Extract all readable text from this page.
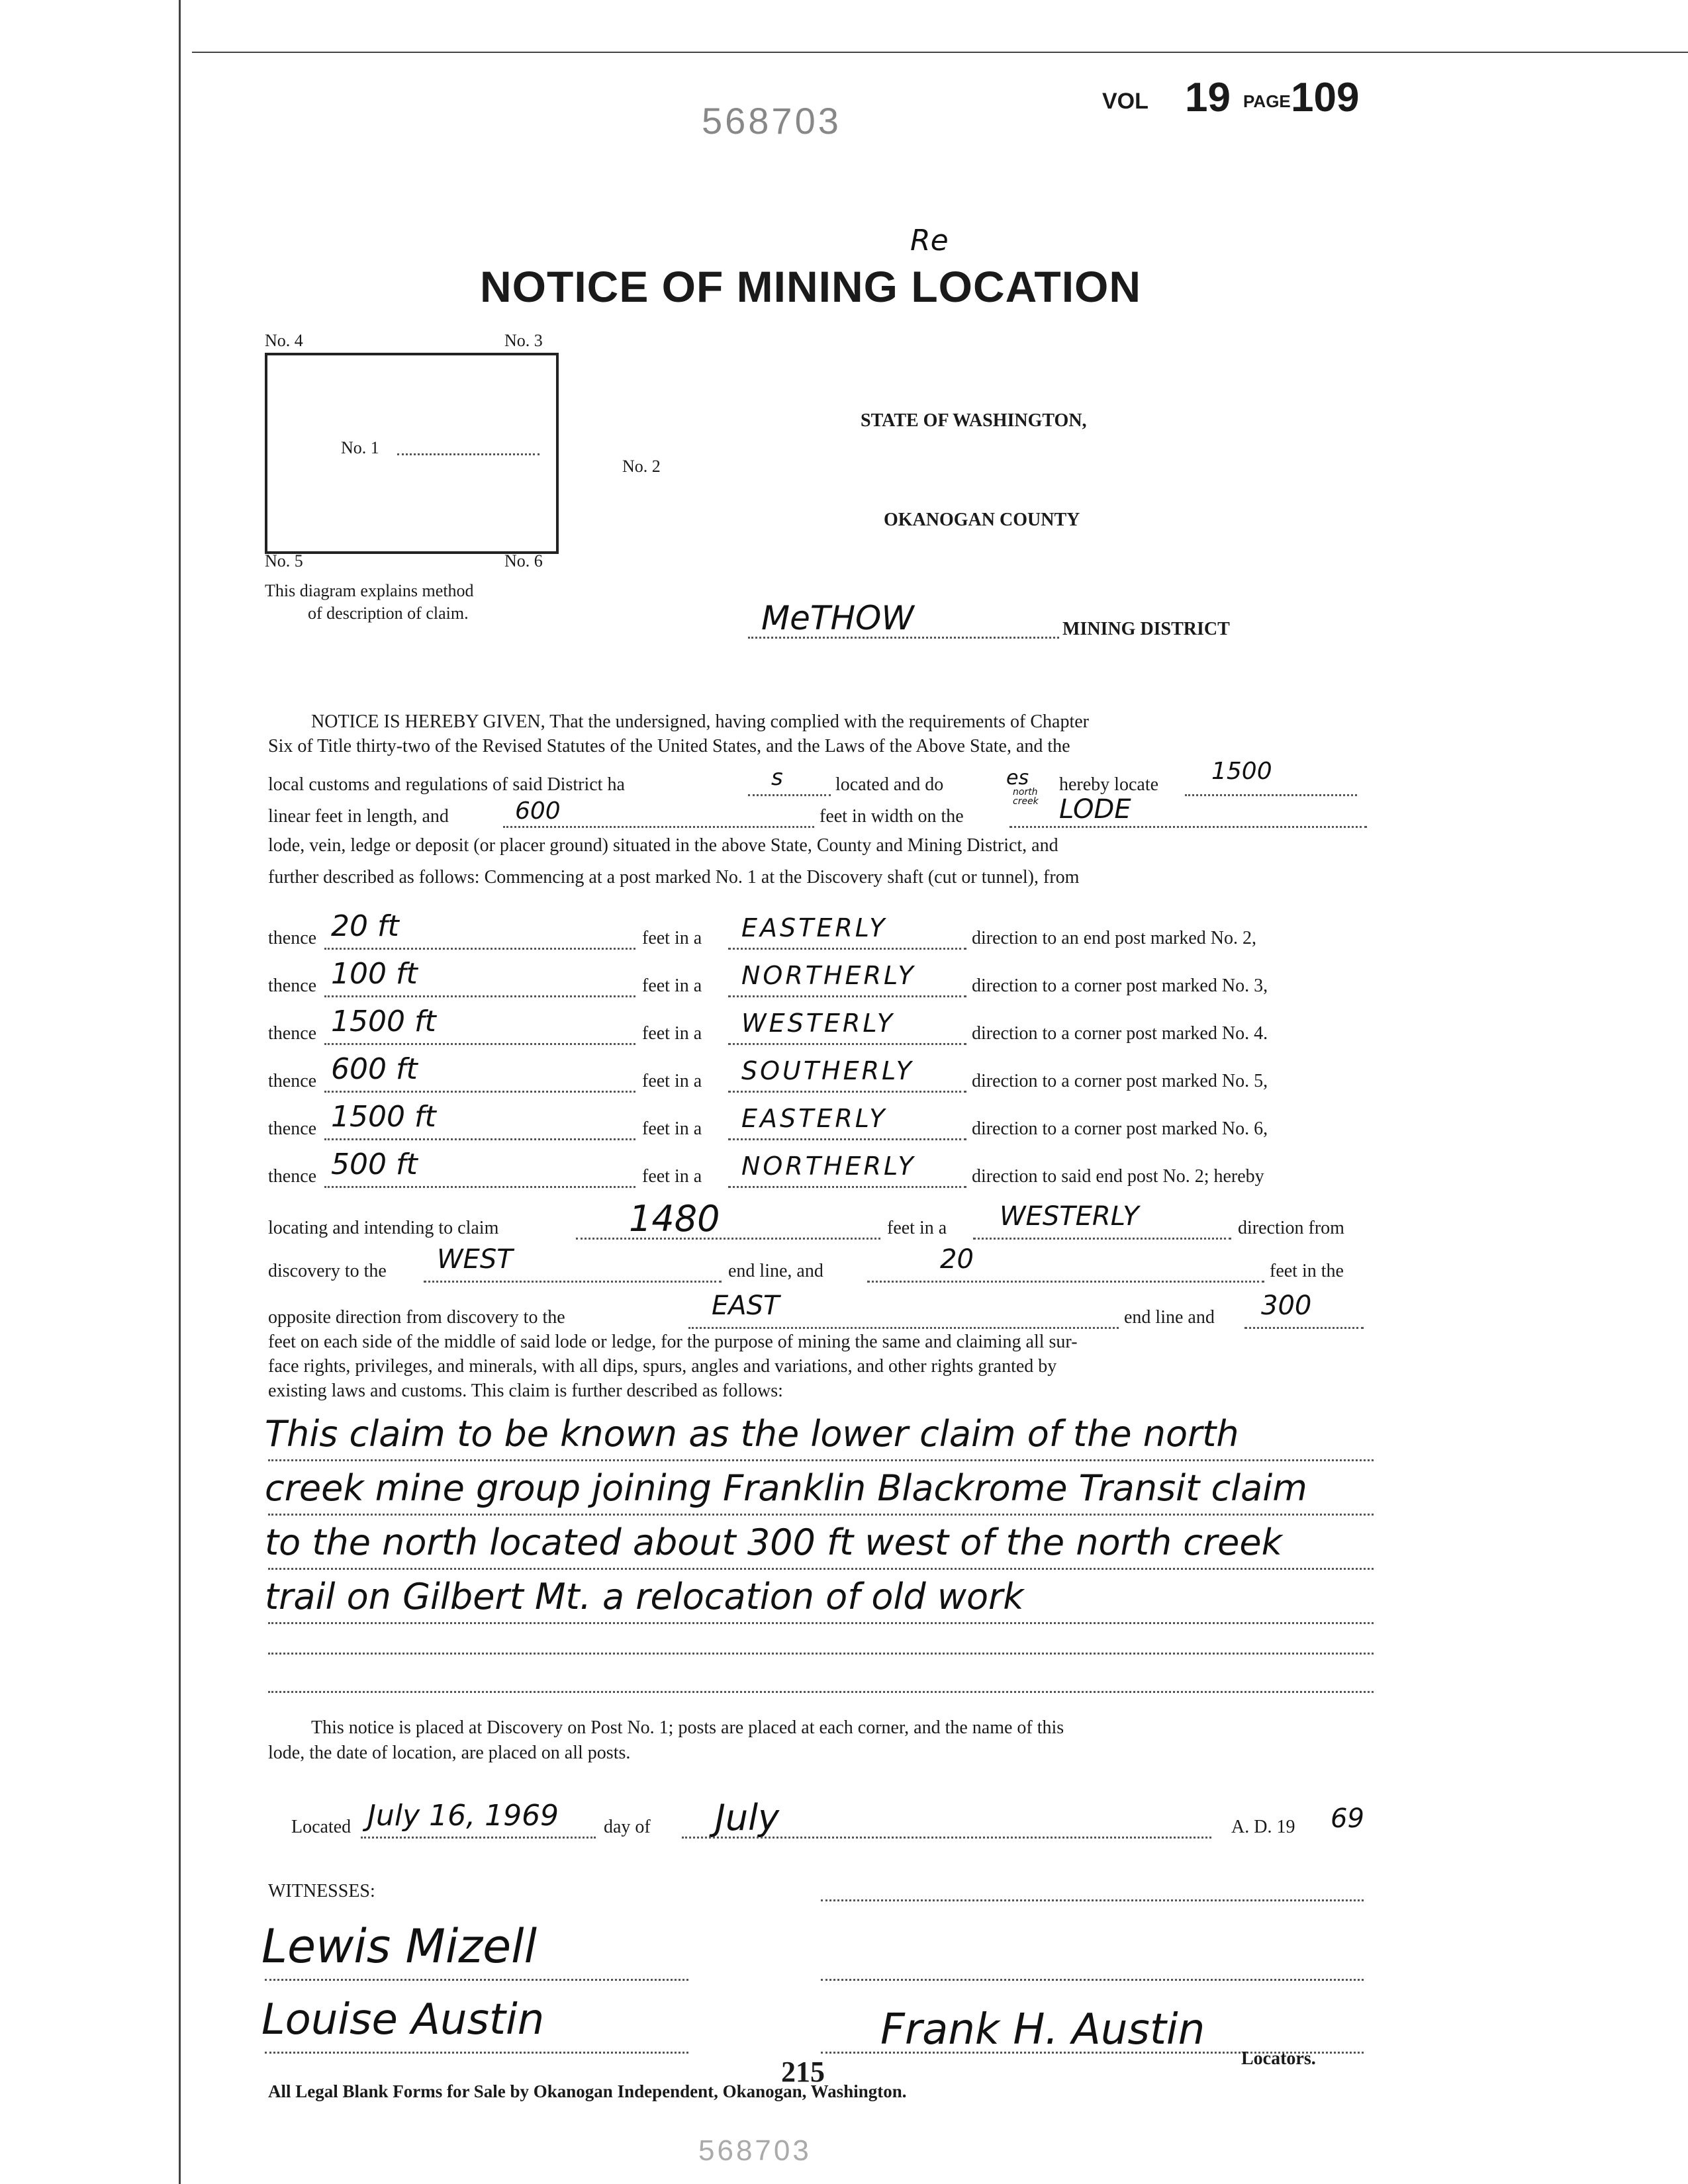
568703	VOL 19 PAGE 109
Re
NOTICE OF MINING LOCATION
No. 4	No. 3
No. 1
No. 2
No. 5	No. 6
This diagram explains method
of description of claim.
STATE OF WASHINGTON,
OKANOGAN COUNTY
MeTHOW	MINING DISTRICT
NOTICE IS HEREBY GIVEN, That the undersigned, having complied with the requirements of Chapter
Six of Title thirty-two of the Revised Statutes of the United States, and the Laws of the Above State, and the
local customs and regulations of said District ha	s	located and do	es hereby locate 1500
linear feet in length, and	600	feet in width on the
north creek LODE
lode, vein, ledge or deposit (or placer ground) situated in the above State, County and Mining District, and
further described as follows: Commencing at a post marked No. 1 at the Discovery shaft (cut or tunnel), from
thence 20 ft	feet in a EASTERLY	direction to an end post marked No. 2,
thence 100 ft	feet in a NORTHERLY	direction to a corner post marked No. 3,
thence 1500 ft	feet in a WESTERLY	direction to a corner post marked No. 4.
thence 600 ft	feet in a SOUTHERLY	direction to a corner post marked No. 5,
thence 1500 ft	feet in a EASTERLY	direction to a corner post marked No. 6,
thence 500 ft	feet in a NORTHERLY	direction to said end post No. 2; hereby
locating and intending to claim	1480	feet in a WESTERLY	direction from
discovery to the WEST	end line, and	20	feet in the
opposite direction from discovery to the	EAST	end line and 300
feet on each side of the middle of said lode or ledge, for the purpose of mining the same and claiming all sur-
face rights, privileges, and minerals, with all dips, spurs, angles and variations, and other rights granted by
existing laws and customs. This claim is further described as follows:
This claim to be known as the lower claim of the north
creek mine group joining Franklin Blackrome Transit claim
to the north located about 300 ft west of the north creek
trail on Gilbert Mt. a relocation of old work
This notice is placed at Discovery on Post No. 1; posts are placed at each corner, and the name of this
lode, the date of location, are placed on all posts.
Located July 16, 1969 day of July	A. D. 19 69
WITNESSES:
Lewis Mizell
Louise Austin	Frank H. Austin
Locators.
215
All Legal Blank Forms for Sale by Okanogan Independent, Okanogan, Washington.
568703
